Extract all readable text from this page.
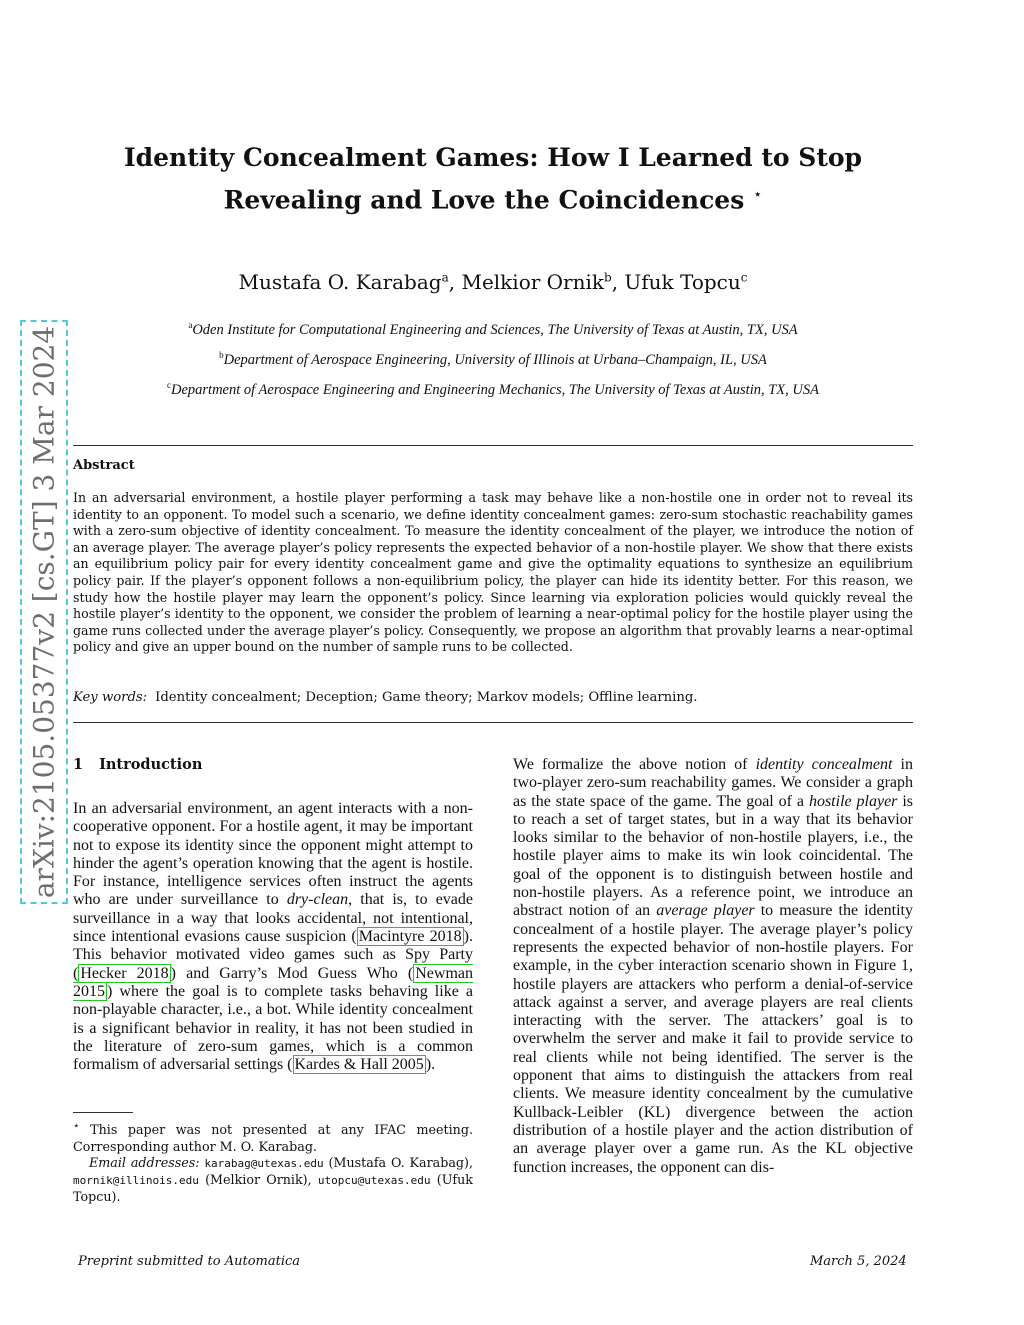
arXiv:2105.05377v2 [cs.GT] 3 Mar 2024
Identity Concealment Games: How I Learned to Stop
Revealing and Love the Coincidences ⋆
Mustafa O. Karabag$^a$, Melkior Ornik$^b$, Ufuk Topcu$^c$
$^a$Oden Institute for Computational Engineering and Sciences, The University of Texas at Austin, TX, USA
$^b$Department of Aerospace Engineering, University of Illinois at Urbana–Champaign, IL, USA
$^c$Department of Aerospace Engineering and Engineering Mechanics, The University of Texas at Austin, TX, USA
Abstract
In an adversarial environment, a hostile player performing a task may behave like a non-hostile one in order not to reveal its identity to an opponent. To model such a scenario, we define identity concealment games: zero-sum stochastic reachability games with a zero-sum objective of identity concealment. To measure the identity concealment of the player, we introduce the notion of an average player. The average player’s policy represents the expected behavior of a non-hostile player. We show that there exists an equilibrium policy pair for every identity concealment game and give the optimality equations to synthesize an equilibrium policy pair. If the player’s opponent follows a non-equilibrium policy, the player can hide its identity better. For this reason, we study how the hostile player may learn the opponent’s policy. Since learning via exploration policies would quickly reveal the hostile player’s identity to the opponent, we consider the problem of learning a near-optimal policy for the hostile player using the game runs collected under the average player’s policy. Consequently, we propose an algorithm that provably learns a near-optimal policy and give an upper bound on the number of sample runs to be collected.
Key words: Identity concealment; Deception; Game theory; Markov models; Offline learning.
1 Introduction

In an adversarial environment, an agent interacts with a non-cooperative opponent. For a hostile agent, it may be important not to expose its identity since the opponent might attempt to hinder the agent’s operation knowing that the agent is hostile. For instance, intelligence services often instruct the agents who are under surveillance to dry-clean, that is, to evade surveillance in a way that looks accidental, not intentional, since intentional evasions cause suspicion ( Macintyre 2018 ). This behavior motivated video games such as Spy Party ( Hecker 2018 ) and Garry’s Mod Guess Who ( Newman 2015 ) where the goal is to complete tasks behaving like a non-playable character, i.e., a bot. While identity concealment is a significant behavior in reality, it has not been studied in the literature of zero-sum games, which is a common formalism of adversarial settings ( Kardes & Hall 2005 ).

⋆ This paper was not presented at any IFAC meeting. Corresponding author M. O. Karabag.

Email addresses: karabag@utexas.edu (Mustafa O. Karabag), mornik@illinois.edu (Melkior Ornik), utopcu@utexas.edu (Ufuk Topcu).

We formalize the above notion of identity concealment in two-player zero-sum reachability games. We consider a graph as the state space of the game. The goal of a hostile player is to reach a set of target states, but in a way that its behavior looks similar to the behavior of non-hostile players, i.e., the hostile player aims to make its win look coincidental. The goal of the opponent is to distinguish between hostile and non-hostile players. As a reference point, we introduce an abstract notion of an average player to measure the identity concealment of a hostile player. The average player’s policy represents the expected behavior of non-hostile players. For example, in the cyber interaction scenario shown in Figure 1, hostile players are attackers who perform a denial-of-service attack against a server, and average players are real clients interacting with the server. The attackers’ goal is to overwhelm the server and make it fail to provide service to real clients while not being identified. The server is the opponent that aims to distinguish the attackers from real clients. We measure identity concealment by the cumulative Kullback-Leibler (KL) divergence between the action distribution of a hostile player and the action distribution of an average player over a game run. As the KL objective function increases, the opponent can dis-

Preprint submitted to Automatica	March 5, 2024
